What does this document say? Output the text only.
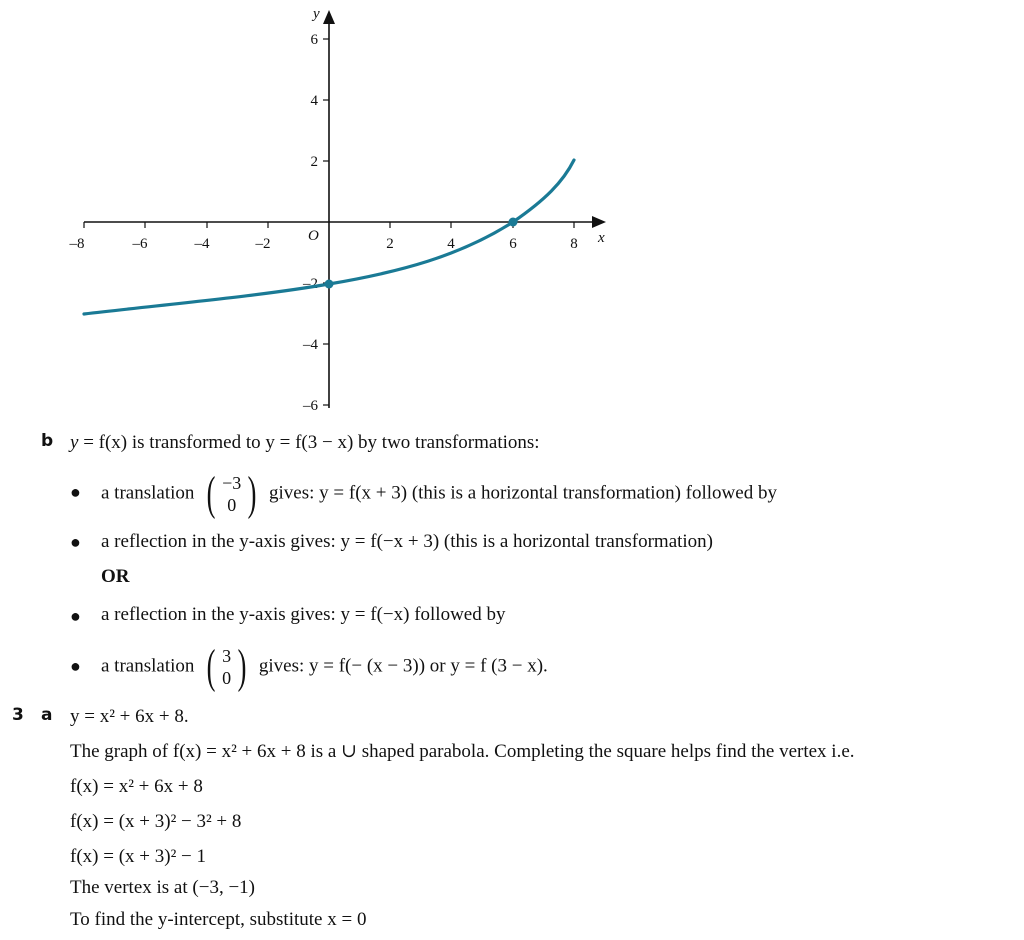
–8	–6	–4	–2	2	4	6	8
6
4
2
–2
–4
–6
x
y
O
b y = f(x) is transformed to y = f(3 − x) by two transformations:
● a translation ( −3
0 ) gives: y = f(x + 3) (this is a horizontal transformation) followed by
● a reflection in the y-axis gives: y = f(−x + 3) (this is a horizontal transformation)
OR
● a reflection in the y-axis gives: y = f(−x) followed by
● a translation ( 3
0 ) gives: y = f(− (x − 3)) or y = f (3 − x).
3 a y = x² + 6x + 8.
The graph of f(x) = x² + 6x + 8 is a ∪ shaped parabola. Completing the square helps find the vertex i.e.
f(x) = x² + 6x + 8
f(x) = (x + 3)² − 3² + 8
f(x) = (x + 3)² − 1
The vertex is at (−3, −1)
To find the y-intercept, substitute x = 0
